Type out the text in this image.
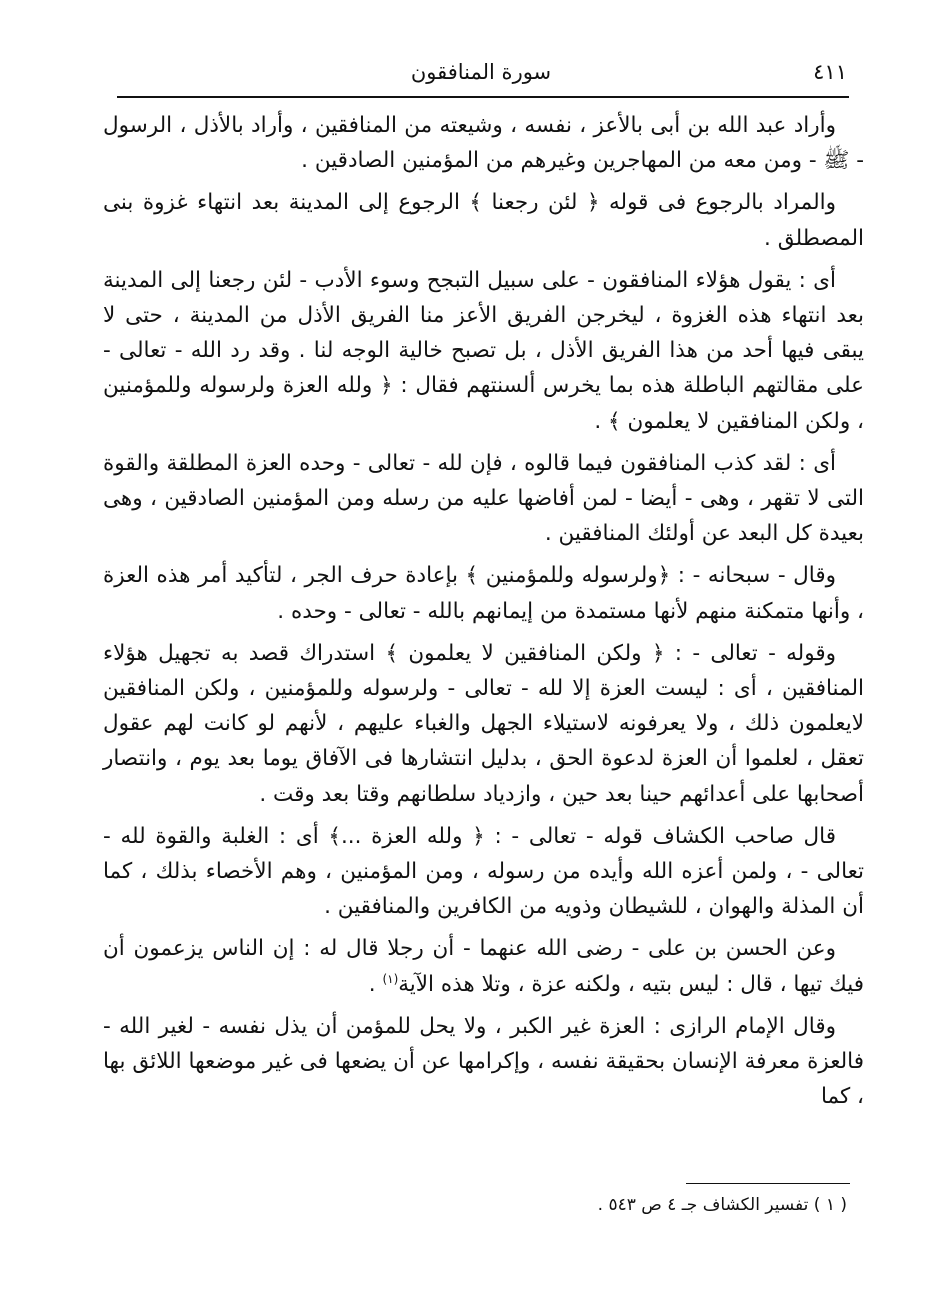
٤١١
سورة المنافقون

وأراد عبد الله بن أبى بالأعز ، نفسه ، وشيعته من المنافقين ، وأراد بالأذل ، الرسول - ﷺ - ومن معه من المهاجرين وغيرهم من المؤمنين الصادقين .

والمراد بالرجوع فى قوله ﴿ لئن رجعنا ﴾ الرجوع إلى المدينة بعد انتهاء غزوة بنى المصطلق .

أى : يقول هؤلاء المنافقون - على سبيل التبجح وسوء الأدب - لئن رجعنا إلى المدينة بعد انتهاء هذه الغزوة ، ليخرجن الفريق الأعز منا الفريق الأذل من المدينة ، حتى لا يبقى فيها أحد من هذا الفريق الأذل ، بل تصبح خالية الوجه لنا . وقد رد الله - تعالى - على مقالتهم الباطلة هذه بما يخرس ألسنتهم فقال : ﴿ ولله العزة ولرسوله وللمؤمنين ، ولكن المنافقين لا يعلمون ﴾ .

أى : لقد كذب المنافقون فيما قالوه ، فإن لله - تعالى - وحده العزة المطلقة والقوة التى لا تقهر ، وهى - أيضا - لمن أفاضها عليه من رسله ومن المؤمنين الصادقين ، وهى بعيدة كل البعد عن أولئك المنافقين .

وقال - سبحانه - : ﴿ولرسوله وللمؤمنين ﴾ بإعادة حرف الجر ، لتأكيد أمر هذه العزة ، وأنها متمكنة منهم لأنها مستمدة من إيمانهم بالله - تعالى - وحده .

وقوله - تعالى - : ﴿ ولكن المنافقين لا يعلمون ﴾ استدراك قصد به تجهيل هؤلاء المنافقين ، أى : ليست العزة إلا لله - تعالى - ولرسوله وللمؤمنين ، ولكن المنافقين لايعلمون ذلك ، ولا يعرفونه لاستيلاء الجهل والغباء عليهم ، لأنهم لو كانت لهم عقول تعقل ، لعلموا أن العزة لدعوة الحق ، بدليل انتشارها فى الآفاق يوما بعد يوم ، وانتصار أصحابها على أعدائهم حينا بعد حين ، وازدياد سلطانهم وقتا بعد وقت .

قال صاحب الكشاف قوله - تعالى - : ﴿ ولله العزة ...﴾ أى : الغلبة والقوة لله - تعالى - ، ولمن أعزه الله وأيده من رسوله ، ومن المؤمنين ، وهم الأخصاء بذلك ، كما أن المذلة والهوان ، للشيطان وذويه من الكافرين والمنافقين .

وعن الحسن بن على - رضى الله عنهما - أن رجلا قال له : إن الناس يزعمون أن فيك تيها ، قال : ليس بتيه ، ولكنه عزة ، وتلا هذه الآية$^{(١)}$ .

وقال الإمام الرازى : العزة غير الكبر ، ولا يحل للمؤمن أن يذل نفسه - لغير الله - فالعزة معرفة الإنسان بحقيقة نفسه ، وإكرامها عن أن يضعها فى غير موضعها اللائق بها ، كما

( ١ ) تفسير الكشاف جـ ٤ ص ٥٤٣ .
